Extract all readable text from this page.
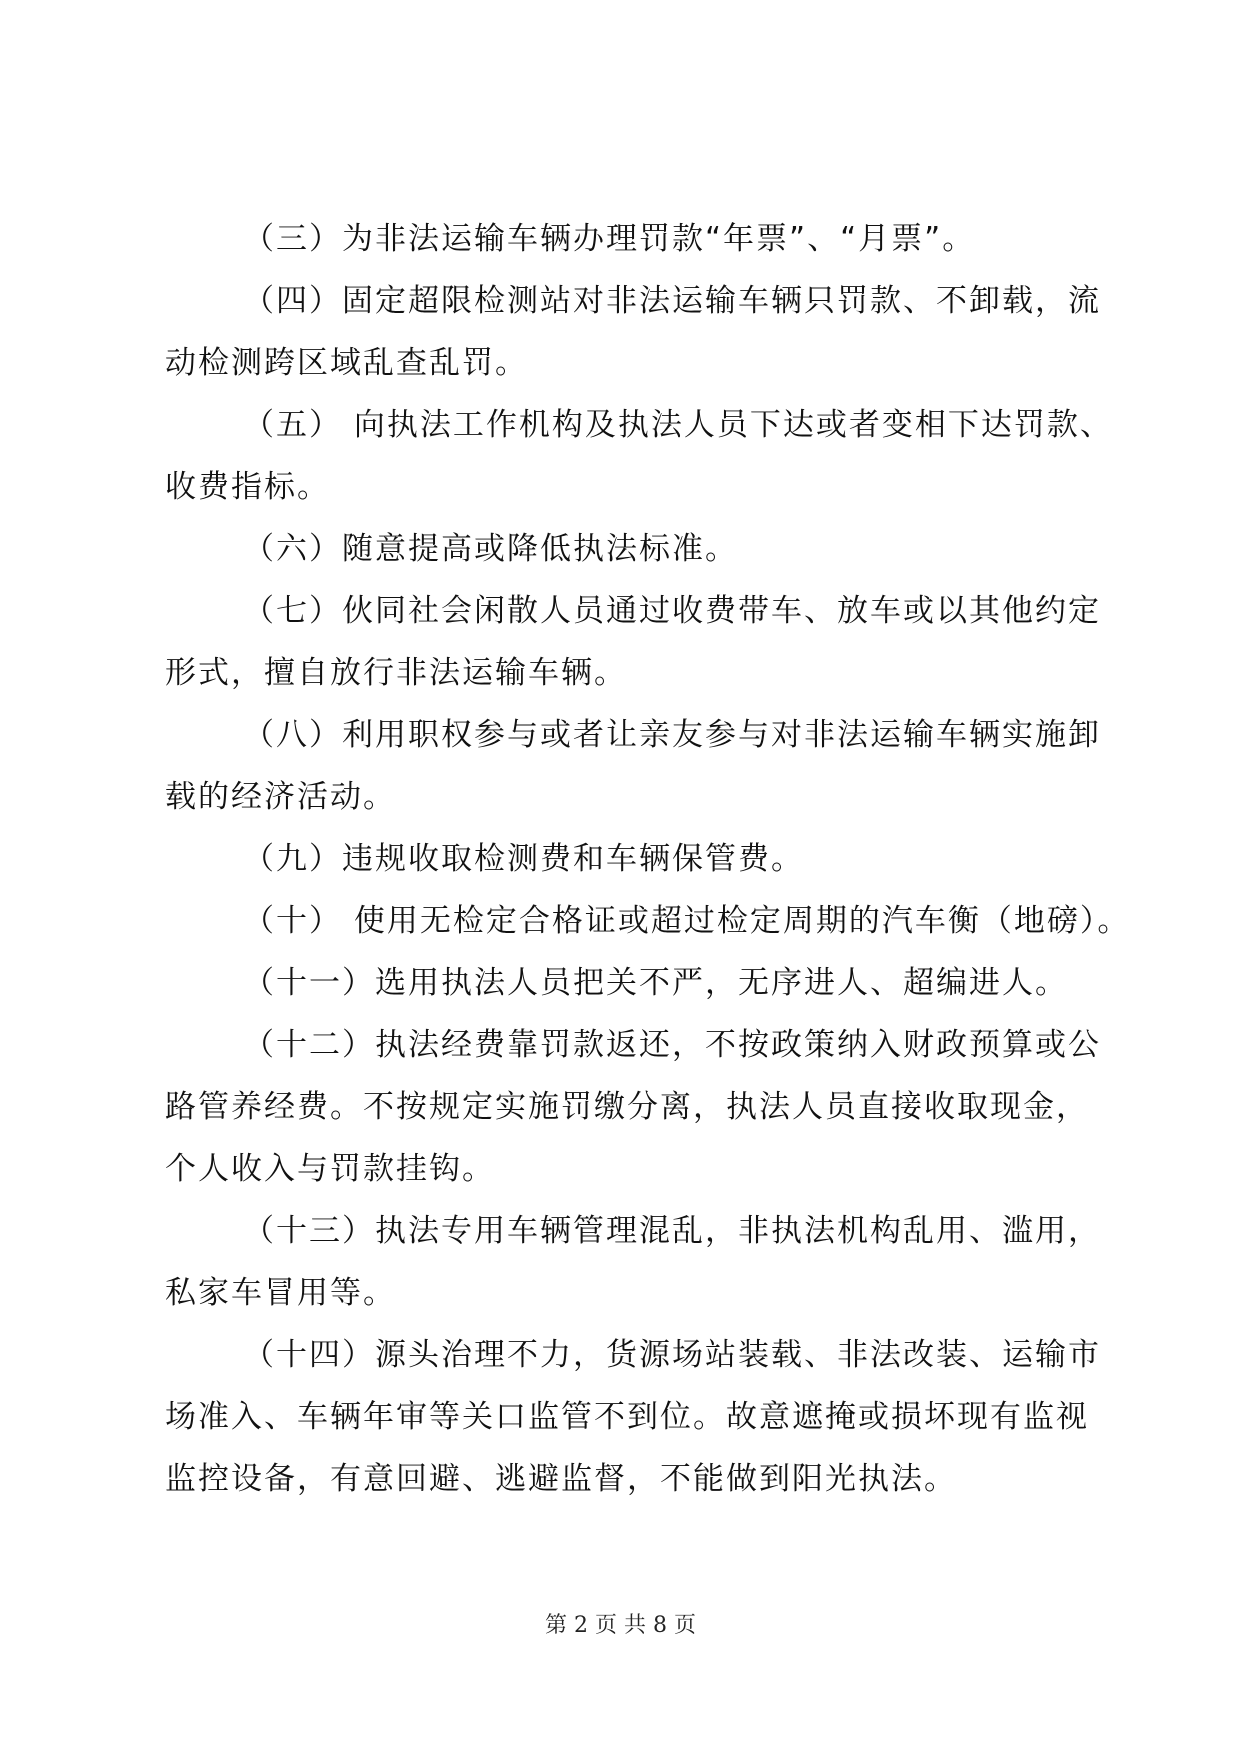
（三）为非法运输车辆办理罚款“年票”、“月票”。
（四）固定超限检测站对非法运输车辆只罚款、不卸载，流
动检测跨区域乱查乱罚。
（五） 向执法工作机构及执法人员下达或者变相下达罚款、
收费指标。
（六）随意提高或降低执法标准。
（七）伙同社会闲散人员通过收费带车、放车或以其他约定
形式，擅自放行非法运输车辆。
（八）利用职权参与或者让亲友参与对非法运输车辆实施卸
载的经济活动。
（九）违规收取检测费和车辆保管费。
（十） 使用无检定合格证或超过检定周期的汽车衡（地磅）。
（十一）选用执法人员把关不严，无序进人、超编进人。
（十二）执法经费靠罚款返还，不按政策纳入财政预算或公
路管养经费。不按规定实施罚缴分离，执法人员直接收取现金，
个人收入与罚款挂钩。
（十三）执法专用车辆管理混乱，非执法机构乱用、滥用，
私家车冒用等。
（十四）源头治理不力，货源场站装载、非法改装、运输市
场准入、车辆年审等关口监管不到位。故意遮掩或损坏现有监视
监控设备，有意回避、逃避监督，不能做到阳光执法。
第 2 页 共 8 页
